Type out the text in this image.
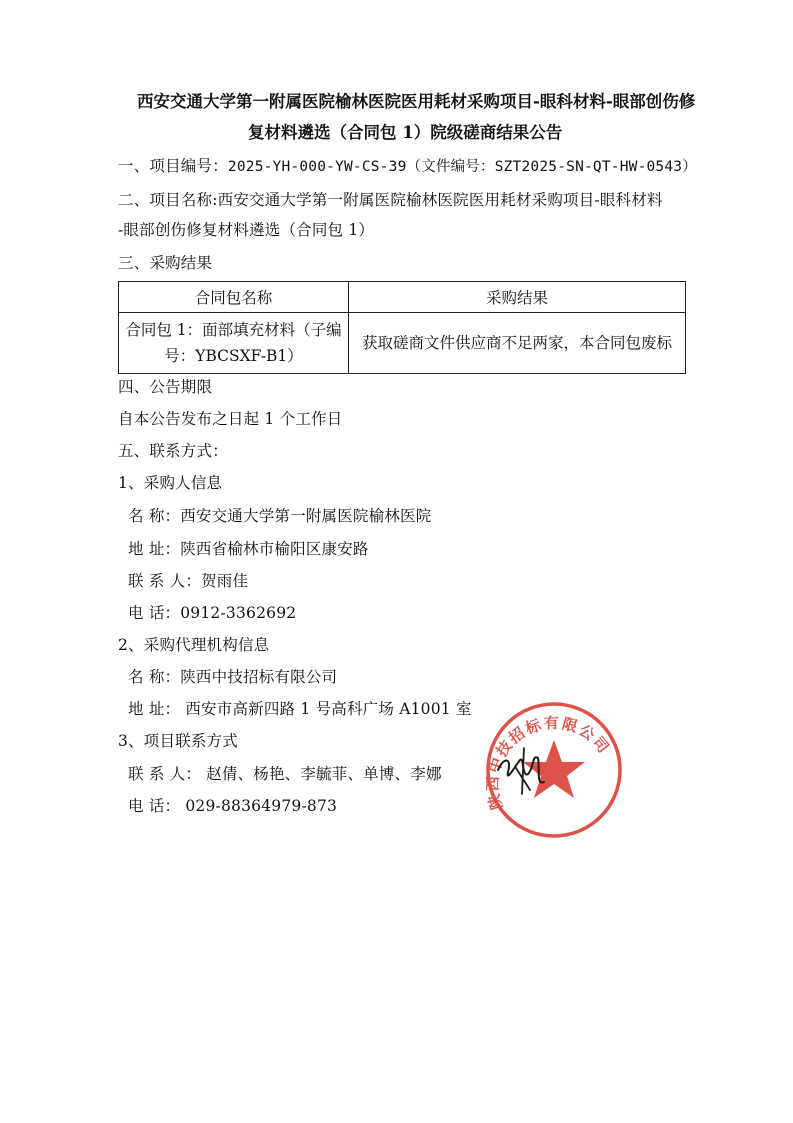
西安交通大学第一附属医院榆林医院医用耗材采购项目-眼科材料-眼部创伤修
复材料遴选（合同包 1）院级磋商结果公告
一、项目编号：2025-YH-000-YW-CS-39（文件编号：SZT2025-SN-QT-HW-0543）
二、项目名称:西安交通大学第一附属医院榆林医院医用耗材采购项目-眼科材料
-眼部创伤修复材料遴选（合同包 1）
三、采购结果
合同包名称	采购结果

合同包 1：面部填充材料（子编
号：YBCSXF-B1）	获取磋商文件供应商不足两家，本合同包废标
四、公告期限
自本公告发布之日起 1 个工作日
五、联系方式：
1、采购人信息
名 称：西安交通大学第一附属医院榆林医院
地 址：陕西省榆林市榆阳区康安路
联 系 人：贺雨佳
电 话：0912-3362692
2、采购代理机构信息
名 称：陕西中技招标有限公司
地 址： 西安市高新四路 1 号高科广场 A1001 室
3、项目联系方式
联 系 人： 赵倩、杨艳、李毓菲、单博、李娜
电 话： 029-88364979-873	陕西中技招标有限公司
